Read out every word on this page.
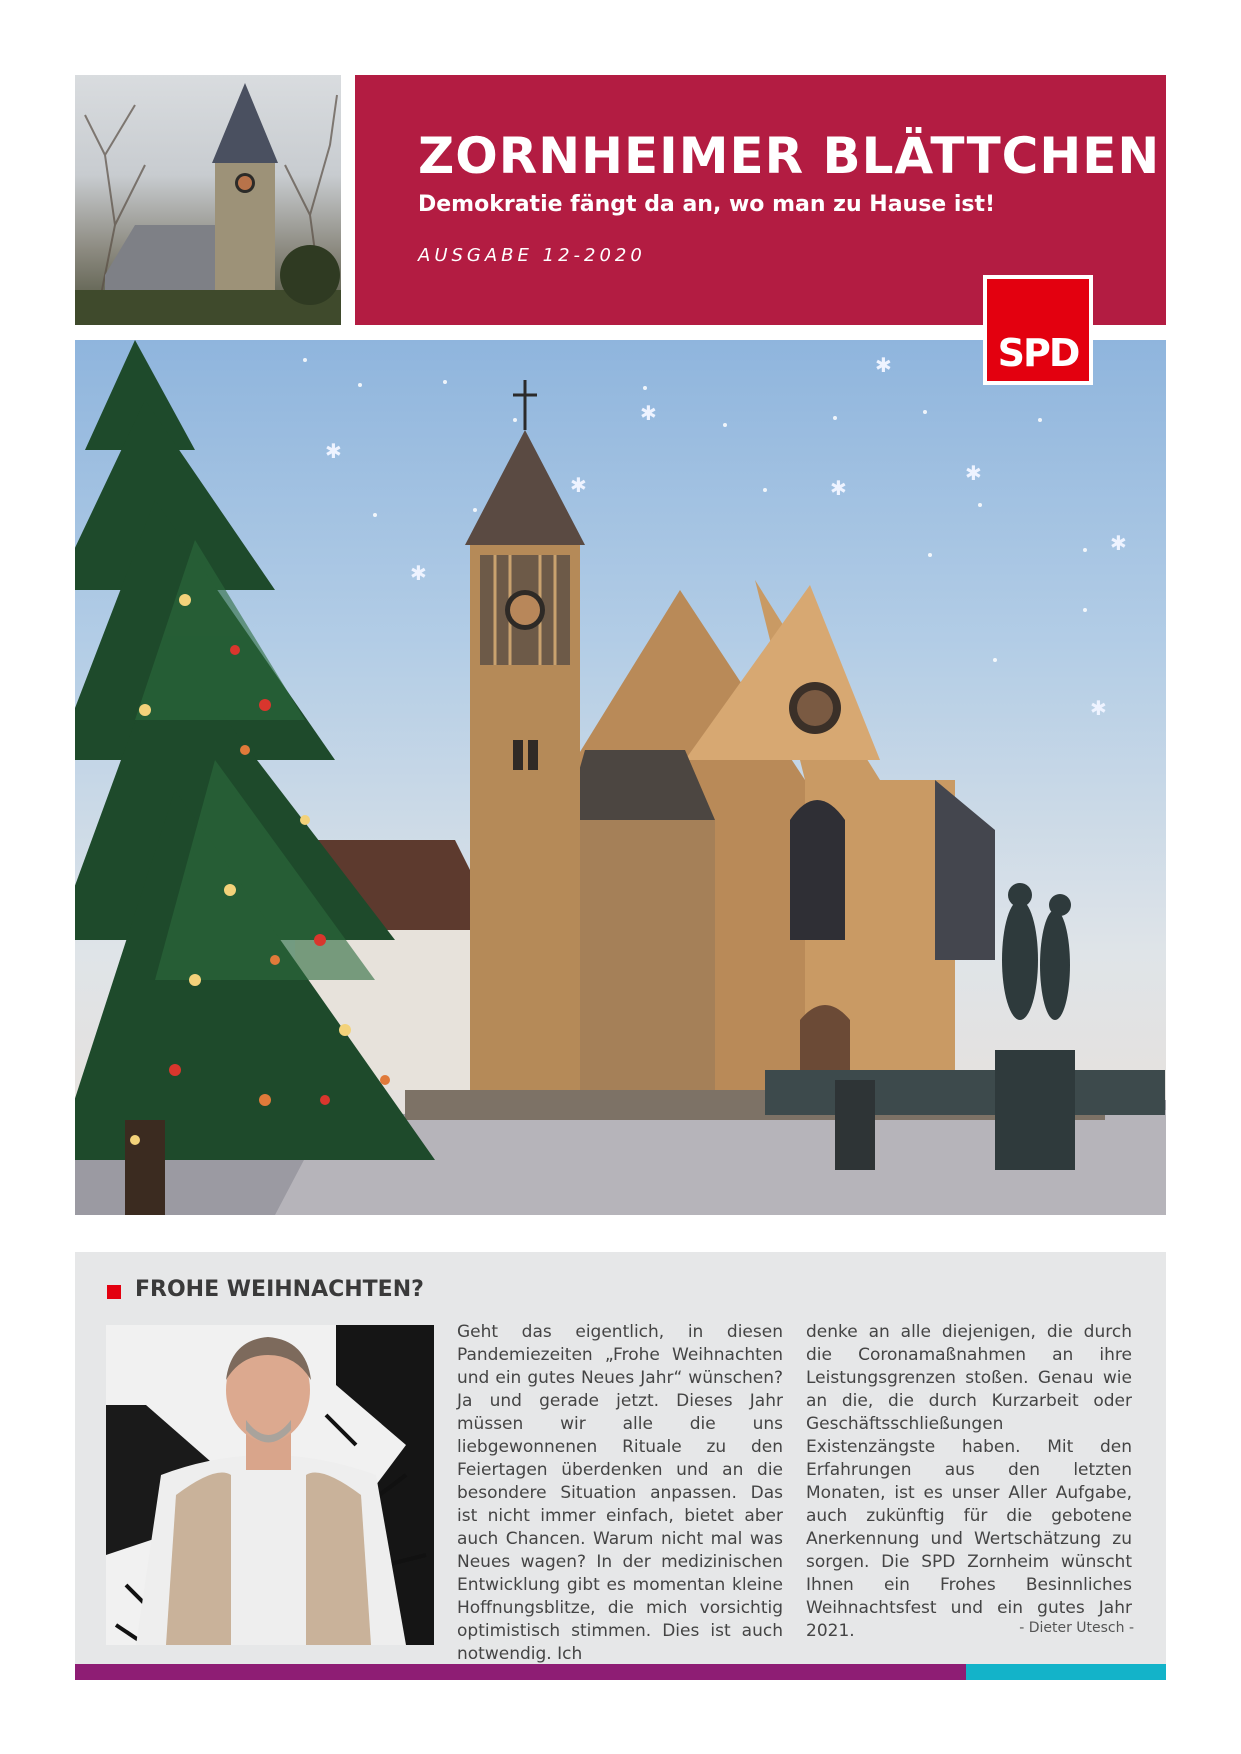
ZORNHEIMER BLÄTTCHEN
Demokratie fängt da an, wo man zu Hause ist!
AUSGABE 12-2020
SPD
✱
✱
✱	✱
✱
✱
✱
✱
✱
FROHE WEIHNACHTEN?

Geht das eigentlich, in diesen Pandemiezeiten „Frohe Weihnachten und ein gutes Neues Jahr“ wünschen? Ja und gerade jetzt. Dieses Jahr müssen wir alle die uns liebgewonnenen Rituale zu den Feiertagen überdenken und an die besondere Situation anpassen. Das ist nicht immer einfach, bietet aber auch Chancen. Warum nicht mal was Neues wagen? In der medizinischen Entwicklung gibt es momentan kleine Hoffnungsblitze, die mich vorsichtig optimistisch stimmen. Dies ist auch notwendig. Ich

denke an alle diejenigen, die durch die Coronamaßnahmen an ihre Leistungsgrenzen stoßen. Genau wie an die, die durch Kurzarbeit oder Geschäftsschließungen Existenzängste haben. Mit den Erfahrungen aus den letzten Monaten, ist es unser Aller Aufgabe, auch zukünftig für die gebotene Anerkennung und Wertschätzung zu sorgen. Die SPD Zornheim wünscht Ihnen ein Frohes Besinnliches Weihnachtsfest und ein gutes Jahr 2021.	- Dieter Utesch -
